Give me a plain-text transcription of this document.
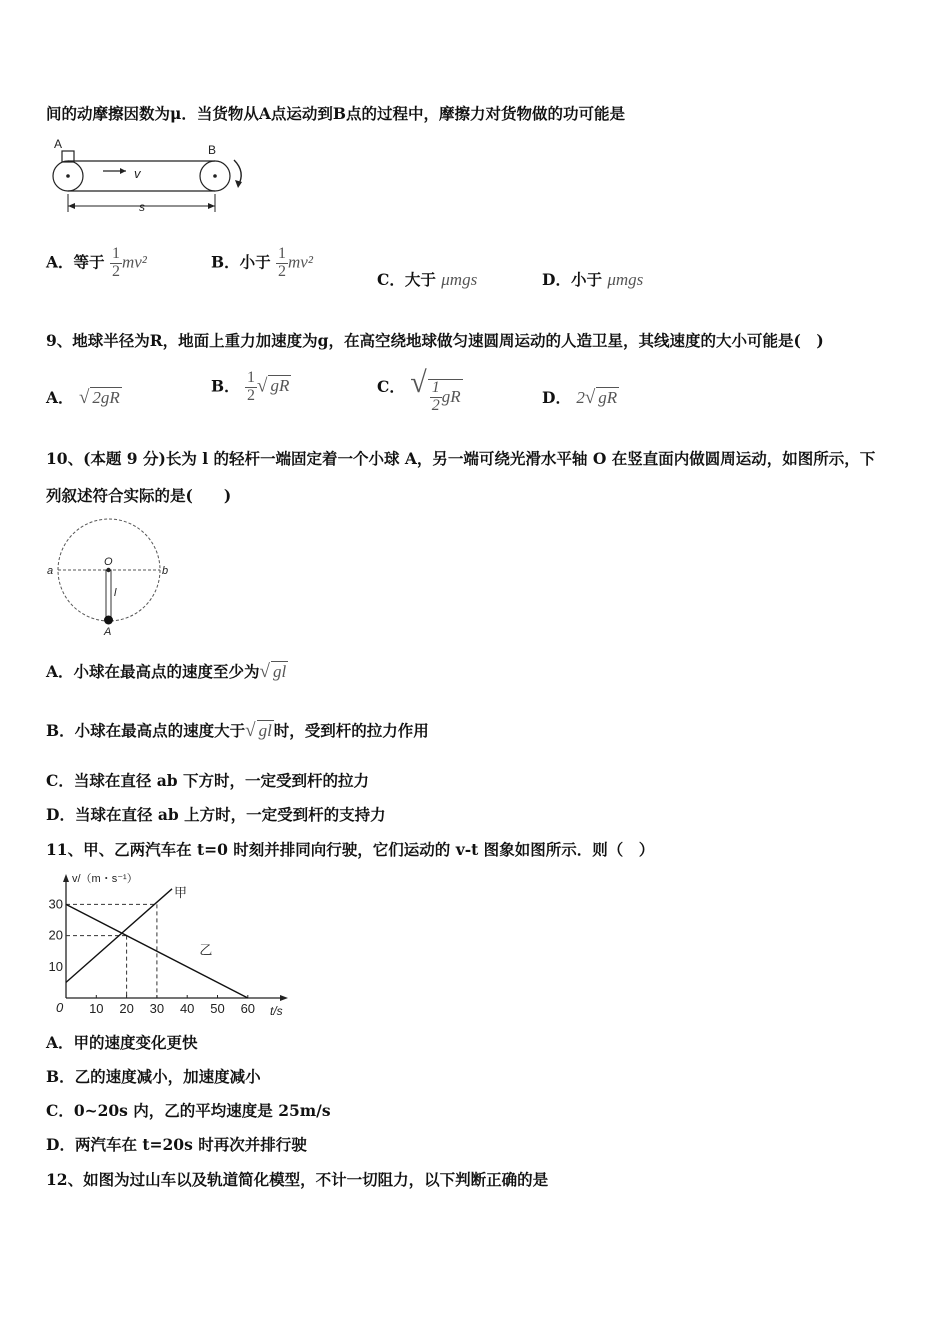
间的动摩擦因数为μ．当货物从A点运动到B点的过程中，摩擦力对货物做的功可能是
A	B
v
s
A．等于 $\frac{1}{2} mv^2$	B．小于 $\frac{1}{2} mv^2$
C．大于 μmgs	D．小于 μmgs
9、地球半径为R，地面上重力加速度为g，在高空绕地球做匀速圆周运动的人造卫星，其线速度的大小可能是(　)
A． √ 2gR
B． $\frac{1}{2}$ √ gR	C． √ $\frac{1}{2}$ gR	D． 2√ gR
10、(本题 9 分)长为 l 的轻杆一端固定着一个小球 A，另一端可绕光滑水平轴 O 在竖直面内做圆周运动，如图所示，下
列叙述符合实际的是(　　)
O
a	b
l
A
A．小球在最高点的速度至少为√ gl
B．小球在最高点的速度大于√ gl 时，受到杆的拉力作用
C．当球在直径 ab 下方时，一定受到杆的拉力
D．当球在直径 ab 上方时，一定受到杆的支持力
11、甲、乙两汽车在 t=0 时刻并排同向行驶，它们运动的 v-t 图象如图所示．则（　）
v/（m・s⁻¹）
t/s
0
甲
乙
10 20 30 40 50 60
10
20
30
A．甲的速度变化更快
B．乙的速度减小，加速度减小
C．0~20s 内，乙的平均速度是 25m/s
D．两汽车在 t=20s 时再次并排行驶
12、如图为过山车以及轨道简化模型，不计一切阻力，以下判断正确的是
